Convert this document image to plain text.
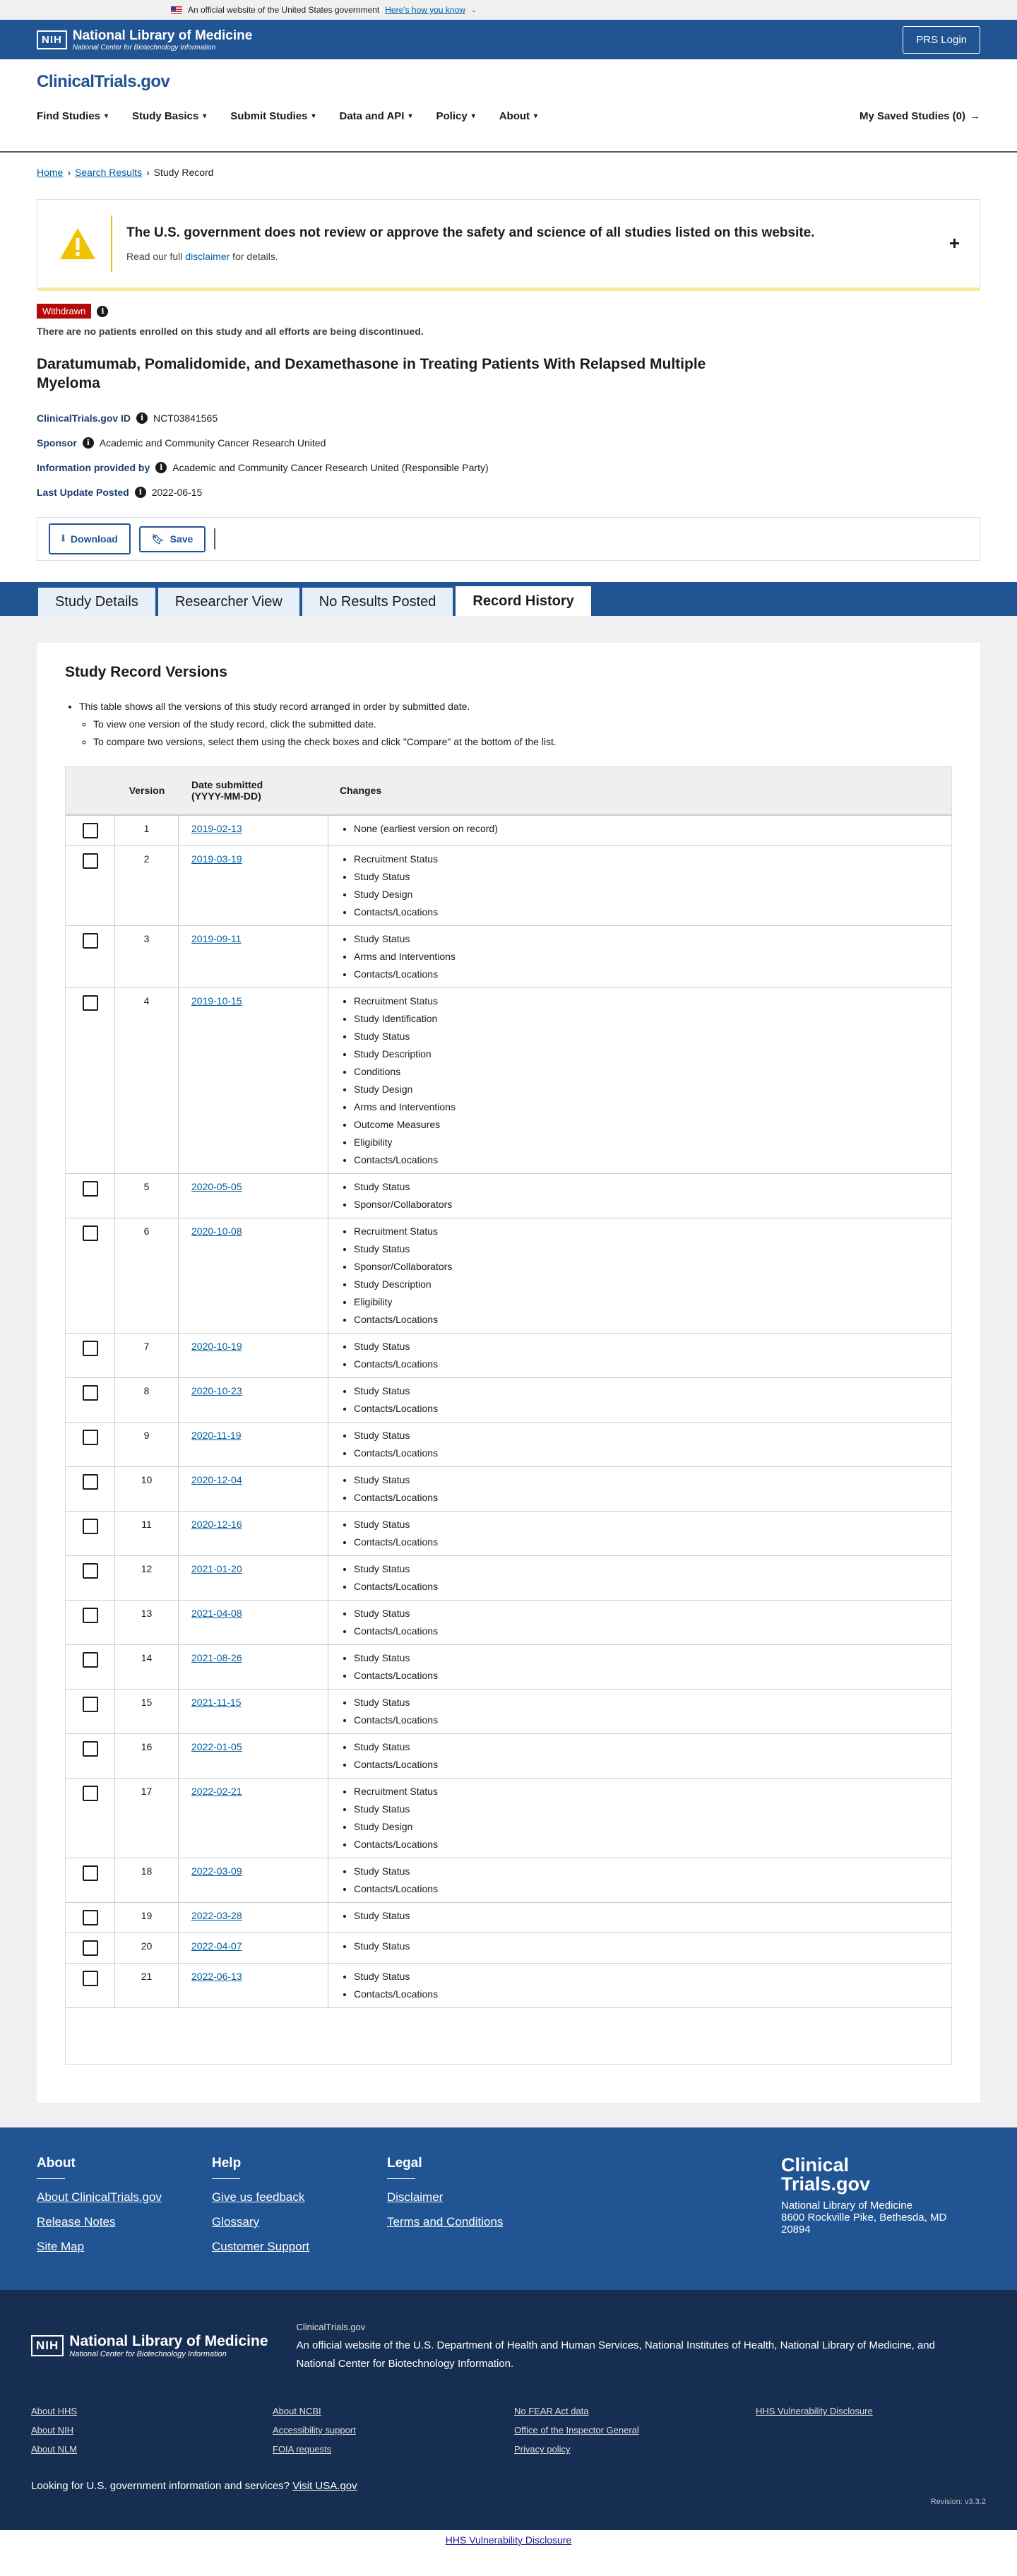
An official website of the United States government Here's how you know ⌄
NIH National Library of Medicine
National Center for Biotechnology Information
PRS Login
ClinicalTrials.gov
Find Studies ▾ Study Basics ▾ Submit Studies ▾ Data and API ▾ Policy ▾ About ▾	My Saved Studies (0) →
Home › Search Results › Study Record
The U.S. government does not review or approve the safety and science of all studies listed on this website.
Read our full disclaimer for details.
+
Withdrawn	i
There are no patients enrolled on this study and all efforts are being discontinued.
Daratumumab, Pomalidomide, and Dexamethasone in Treating Patients With Relapsed Multiple Myeloma
ClinicalTrials.gov ID	i NCT03841565
Sponsor	i Academic and Community Cancer Research United
Information provided by	i Academic and Community Cancer Research United (Responsible Party)
Last Update Posted	i 2022-06-15
⭳ Download	🔖︎ Save
Study Details	Researcher View	No Results Posted	Record History
Study Record Versions
• This table shows all the versions of this study record arranged in order by submitted date.
◦ To view one version of the study record, click the submitted date.
◦ To compare two versions, select them using the check boxes and click "Compare" at the bottom of the list.
Version	Date submitted
(YYYY-MM-DD)	Changes
1	2019-02-13	• None (earliest version on record)
2	2019-03-19	• Recruitment Status
• Study Status
• Study Design
• Contacts/Locations
3	2019-09-11	• Study Status
• Arms and Interventions
• Contacts/Locations
4	2019-10-15	• Recruitment Status
• Study Identification
• Study Status
• Study Description
• Conditions
• Study Design
• Arms and Interventions
• Outcome Measures
• Eligibility
• Contacts/Locations
5	2020-05-05	• Study Status
• Sponsor/Collaborators
6	2020-10-08	• Recruitment Status
• Study Status
• Sponsor/Collaborators
• Study Description
• Eligibility
• Contacts/Locations
7	2020-10-19	• Study Status
• Contacts/Locations
8	2020-10-23	• Study Status
• Contacts/Locations
9	2020-11-19	• Study Status
• Contacts/Locations
10	2020-12-04	• Study Status
• Contacts/Locations
11	2020-12-16	• Study Status
• Contacts/Locations
12	2021-01-20	• Study Status
• Contacts/Locations
13	2021-04-08	• Study Status
• Contacts/Locations
14	2021-08-26	• Study Status
• Contacts/Locations
15	2021-11-15	• Study Status
• Contacts/Locations
16	2022-01-05	• Study Status
• Contacts/Locations
17	2022-02-21	• Recruitment Status
• Study Status
• Study Design
• Contacts/Locations
18	2022-03-09	• Study Status
• Contacts/Locations
19	2022-03-28	• Study Status
20	2022-04-07	• Study Status
21	2022-06-13	• Study Status
• Contacts/Locations
About
About ClinicalTrials.gov
Release Notes
Site Map
Help
Give us feedback
Glossary
Customer Support
Legal
Disclaimer
Terms and Conditions
Clinical
Trials.gov
National Library of Medicine
8600 Rockville Pike, Bethesda, MD
20894
NIH National Library of Medicine
National Center for Biotechnology Information
ClinicalTrials.gov
An official website of the U.S. Department of Health and Human Services, National Institutes of Health, National Library of Medicine, and National Center for Biotechnology Information.
About HHS	About NCBI	No FEAR Act data	HHS Vulnerability Disclosure
About NIH	Accessibility support	Office of the Inspector General
About NLM	FOIA requests	Privacy policy
Looking for U.S. government information and services? Visit USA.gov
Revision: v3.3.2
HHS Vulnerability Disclosure
